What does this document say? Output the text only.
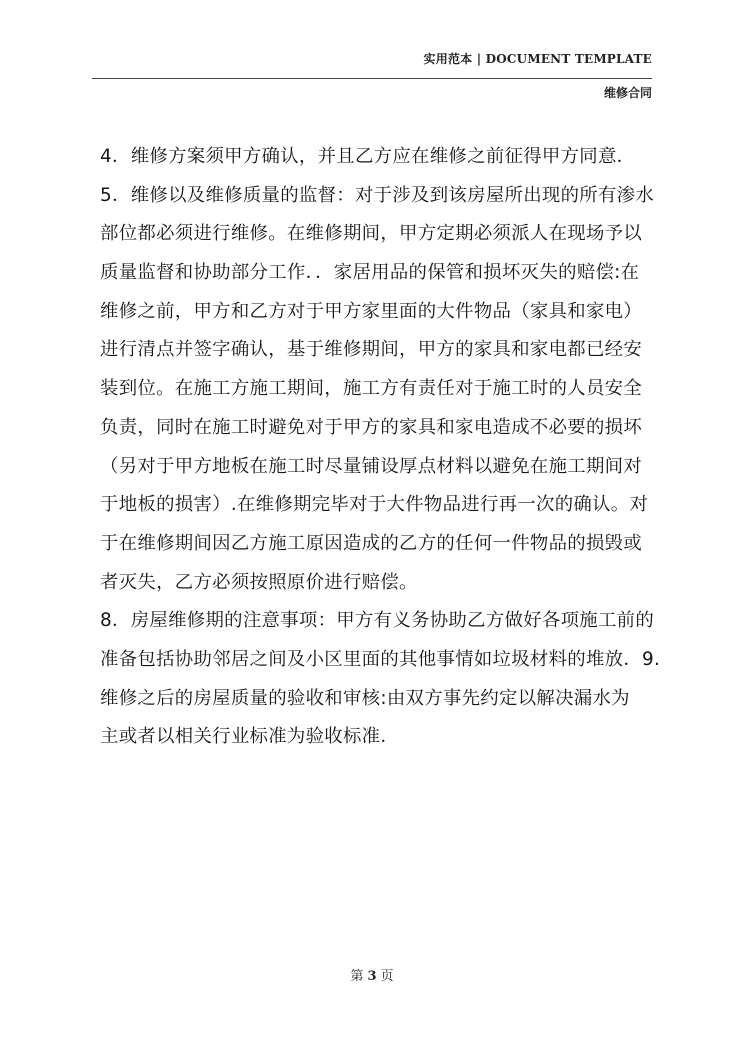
实用范本 | DOCUMENT TEMPLATE
维修合同
4．维修方案须甲方确认，并且乙方应在维修之前征得甲方同意．
5．维修以及维修质量的监督：对于涉及到该房屋所出现的所有渗水
部位都必须进行维修。在维修期间，甲方定期必须派人在现场予以
质量监督和协助部分工作．．家居用品的保管和损坏灭失的赔偿:在
维修之前，甲方和乙方对于甲方家里面的大件物品（家具和家电）
进行清点并签字确认，基于维修期间，甲方的家具和家电都已经安
装到位。在施工方施工期间，施工方有责任对于施工时的人员安全
负责，同时在施工时避免对于甲方的家具和家电造成不必要的损坏
（另对于甲方地板在施工时尽量铺设厚点材料以避免在施工期间对
于地板的损害）.在维修期完毕对于大件物品进行再一次的确认。对
于在维修期间因乙方施工原因造成的乙方的任何一件物品的损毁或
者灭失，乙方必须按照原价进行赔偿。
8．房屋维修期的注意事项：甲方有义务协助乙方做好各项施工前的
准备包括协助邻居之间及小区里面的其他事情如垃圾材料的堆放．9.
维修之后的房屋质量的验收和审核:由双方事先约定以解决漏水为
主或者以相关行业标准为验收标准．
第 3 页
